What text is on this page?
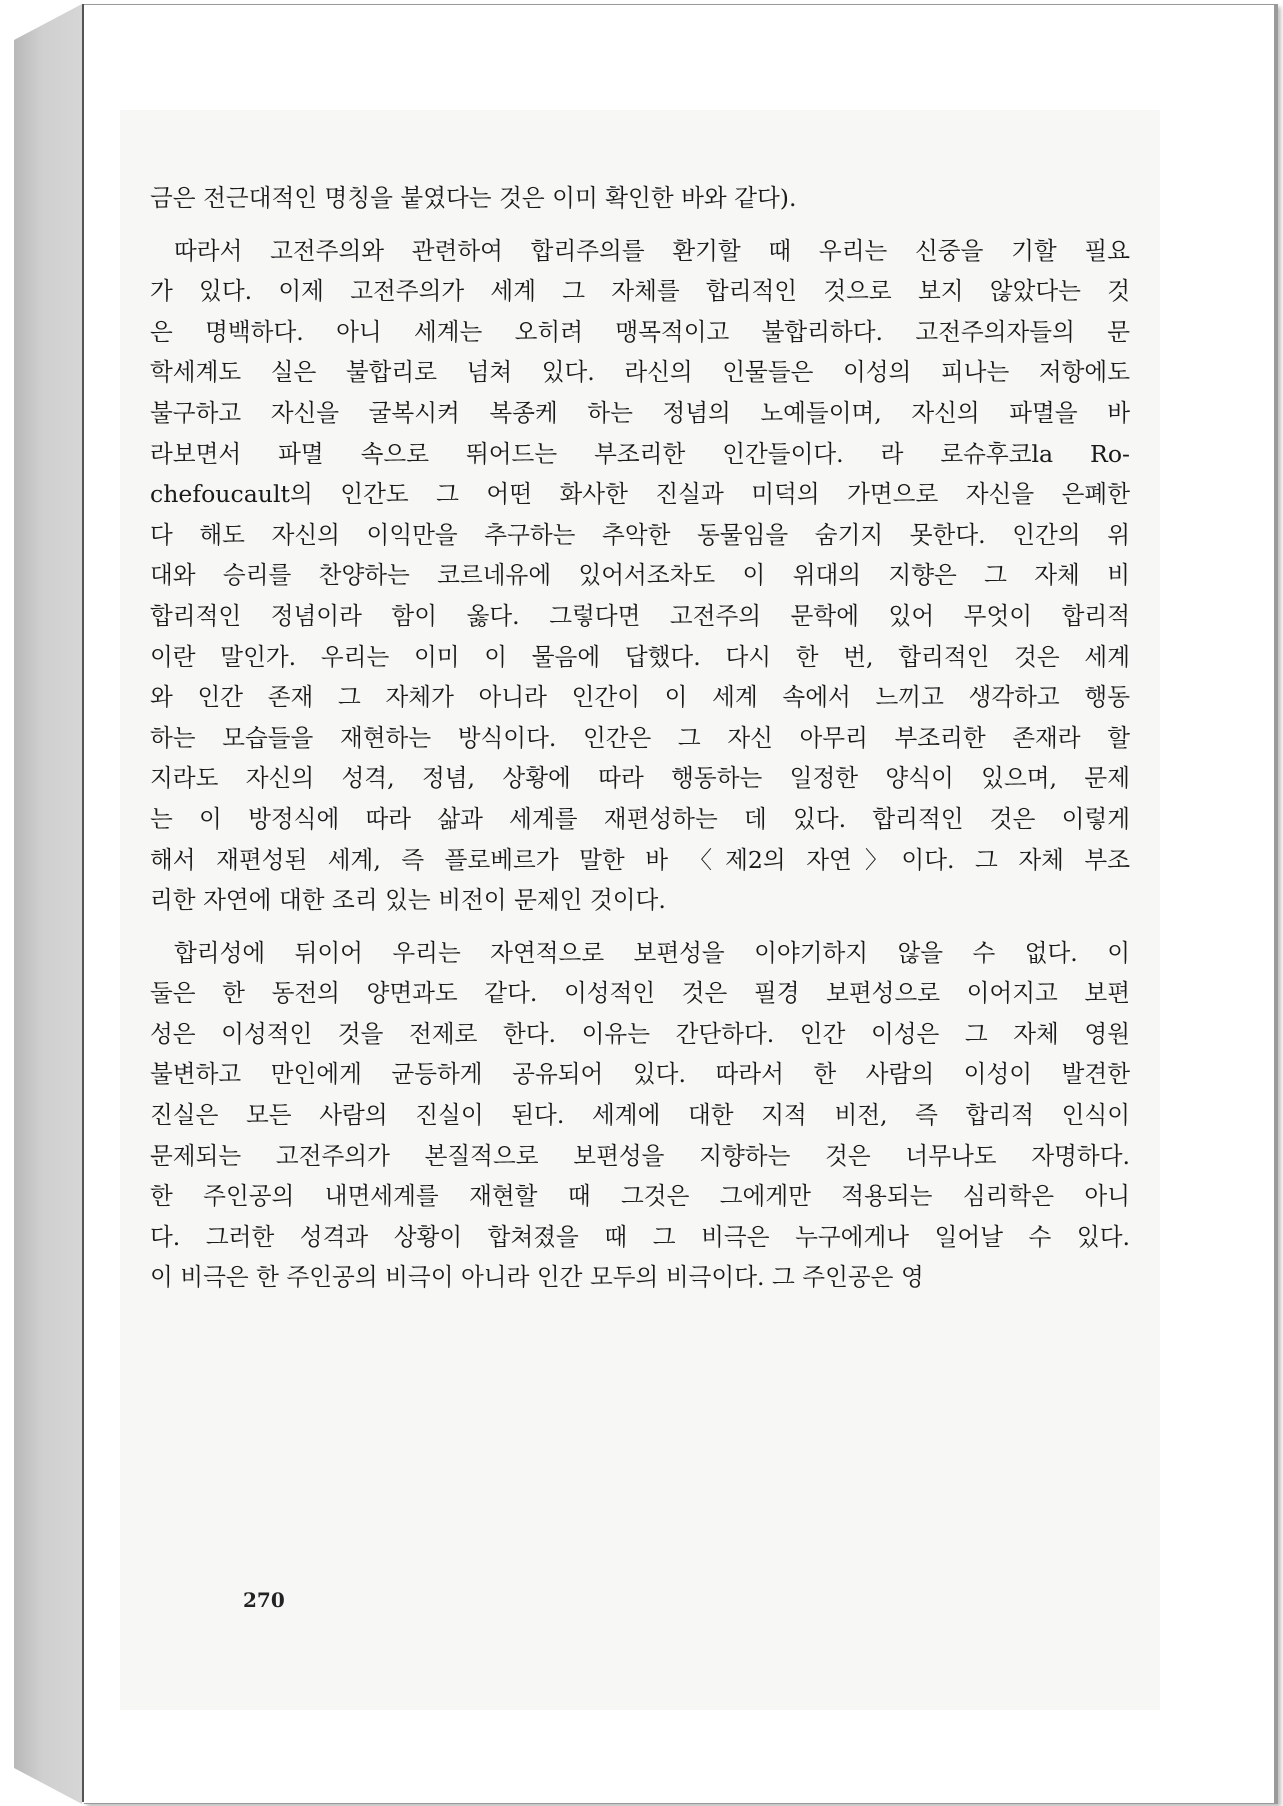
금은 전근대적인 명칭을 붙였다는 것은 이미 확인한 바와 같다).
따라서 고전주의와 관련하여 합리주의를 환기할 때 우리는 신중을 기할 필요
가 있다. 이제 고전주의가 세계 그 자체를 합리적인 것으로 보지 않았다는 것
은 명백하다. 아니 세계는 오히려 맹목적이고 불합리하다. 고전주의자들의 문
학세계도 실은 불합리로 넘쳐 있다. 라신의 인물들은 이성의 피나는 저항에도
불구하고 자신을 굴복시켜 복종케 하는 정념의 노예들이며, 자신의 파멸을 바
라보면서 파멸 속으로 뛰어드는 부조리한 인간들이다. 라 로슈후코la Ro-
chefoucault의 인간도 그 어떤 화사한 진실과 미덕의 가면으로 자신을 은폐한
다 해도 자신의 이익만을 추구하는 추악한 동물임을 숨기지 못한다. 인간의 위
대와 승리를 찬양하는 코르네유에 있어서조차도 이 위대의 지향은 그 자체 비
합리적인 정념이라 함이 옳다. 그렇다면 고전주의 문학에 있어 무엇이 합리적
이란 말인가. 우리는 이미 이 물음에 답했다. 다시 한 번, 합리적인 것은 세계
와 인간 존재 그 자체가 아니라 인간이 이 세계 속에서 느끼고 생각하고 행동
하는 모습들을 재현하는 방식이다. 인간은 그 자신 아무리 부조리한 존재라 할
지라도 자신의 성격, 정념, 상황에 따라 행동하는 일정한 양식이 있으며, 문제
는 이 방정식에 따라 삶과 세계를 재편성하는 데 있다. 합리적인 것은 이렇게
해서 재편성된 세계, 즉 플로베르가 말한 바 〈제2의 자연〉이다. 그 자체 부조
리한 자연에 대한 조리 있는 비전이 문제인 것이다.
합리성에 뒤이어 우리는 자연적으로 보편성을 이야기하지 않을 수 없다. 이
둘은 한 동전의 양면과도 같다. 이성적인 것은 필경 보편성으로 이어지고 보편
성은 이성적인 것을 전제로 한다. 이유는 간단하다. 인간 이성은 그 자체 영원
불변하고 만인에게 균등하게 공유되어 있다. 따라서 한 사람의 이성이 발견한
진실은 모든 사람의 진실이 된다. 세계에 대한 지적 비전, 즉 합리적 인식이
문제되는 고전주의가 본질적으로 보편성을 지향하는 것은 너무나도 자명하다.
한 주인공의 내면세계를 재현할 때 그것은 그에게만 적용되는 심리학은 아니
다. 그러한 성격과 상황이 합쳐졌을 때 그 비극은 누구에게나 일어날 수 있다.
이 비극은 한 주인공의 비극이 아니라 인간 모두의 비극이다. 그 주인공은 영
270
